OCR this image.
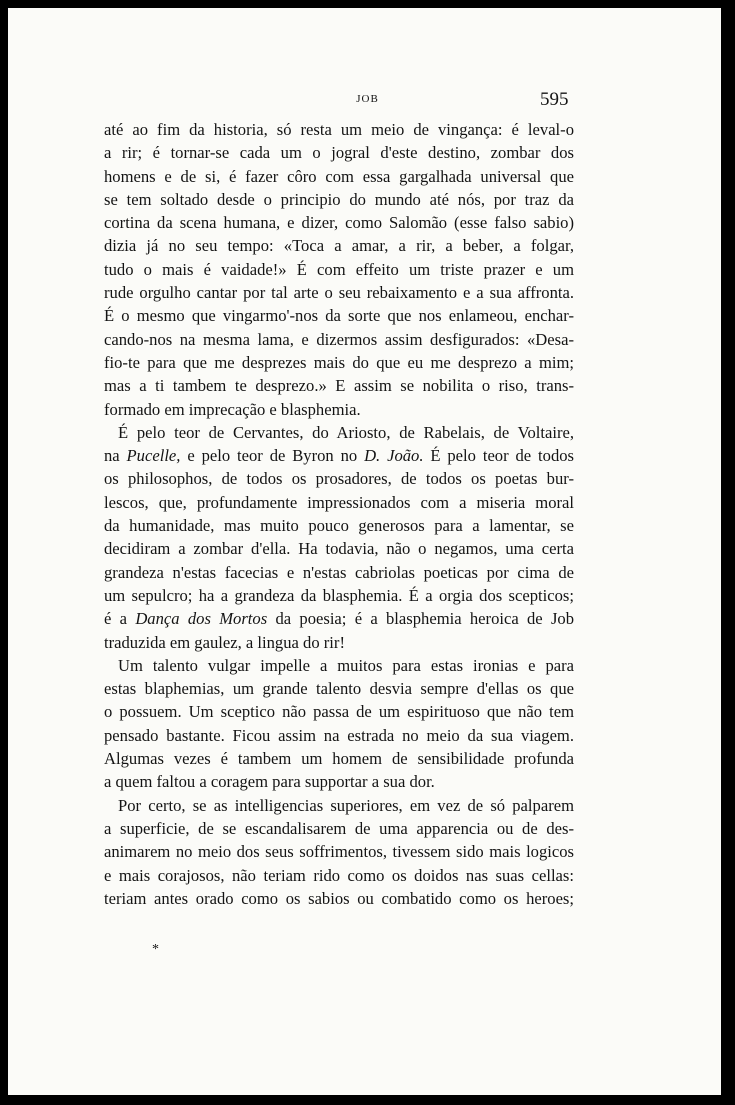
JOB	595
até ao fim da historia, só resta um meio de vingança: é leval-o
a rir; é tornar-se cada um o jogral d'este destino, zombar dos
homens e de si, é fazer côro com essa gargalhada universal que
se tem soltado desde o principio do mundo até nós, por traz da
cortina da scena humana, e dizer, como Salomão (esse falso sabio)
dizia já no seu tempo: «Toca a amar, a rir, a beber, a folgar,
tudo o mais é vaidade!» É com effeito um triste prazer e um
rude orgulho cantar por tal arte o seu rebaixamento e a sua affronta.
É o mesmo que vingarmo'-nos da sorte que nos enlameou, enchar-
cando-nos na mesma lama, e dizermos assim desfigurados: «Desa-
fio-te para que me desprezes mais do que eu me desprezo a mim;
mas a ti tambem te desprezo.» E assim se nobilita o riso, trans-
formado em imprecação e blasphemia.
É pelo teor de Cervantes, do Ariosto, de Rabelais, de Voltaire,
na Pucelle, e pelo teor de Byron no D. João. É pelo teor de todos
os philosophos, de todos os prosadores, de todos os poetas bur-
lescos, que, profundamente impressionados com a miseria moral
da humanidade, mas muito pouco generosos para a lamentar, se
decidiram a zombar d'ella. Ha todavia, não o negamos, uma certa
grandeza n'estas facecias e n'estas cabriolas poeticas por cima de
um sepulcro; ha a grandeza da blasphemia. É a orgia dos scepticos;
é a Dança dos Mortos da poesia; é a blasphemia heroica de Job
traduzida em gaulez, a lingua do rir!
Um talento vulgar impelle a muitos para estas ironias e para
estas blaphemias, um grande talento desvia sempre d'ellas os que
o possuem. Um sceptico não passa de um espirituoso que não tem
pensado bastante. Ficou assim na estrada no meio da sua viagem.
Algumas vezes é tambem um homem de sensibilidade profunda
a quem faltou a coragem para supportar a sua dor.
Por certo, se as intelligencias superiores, em vez de só palparem
a superficie, de se escandalisarem de uma apparencia ou de des-
animarem no meio dos seus soffrimentos, tivessem sido mais logicos
e mais corajosos, não teriam rido como os doidos nas suas cellas:
teriam antes orado como os sabios ou combatido como os heroes;
*
